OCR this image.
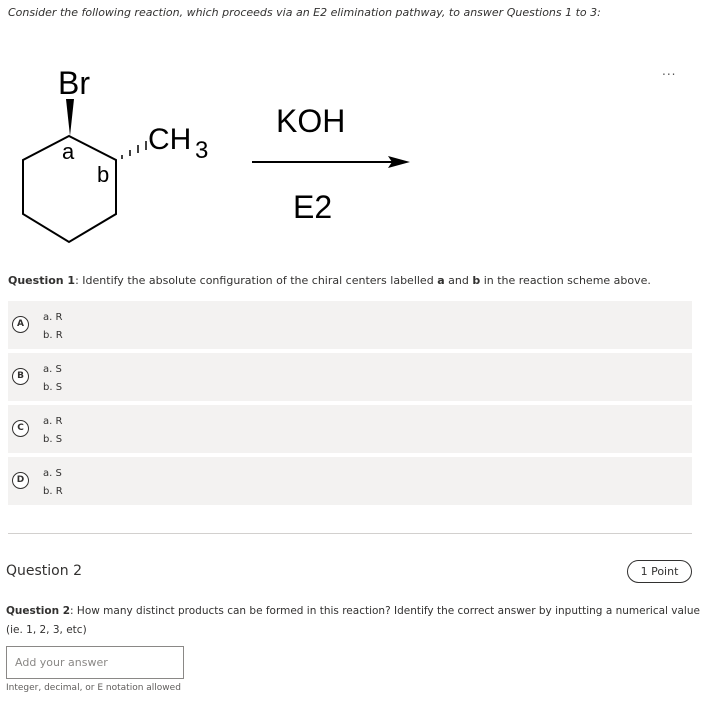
Consider the following reaction, which proceeds via an E2 elimination pathway, to answer Questions 1 to 3:
...
Br
a
b
CH 3
KOH
E2
Question 1: Identify the absolute configuration of the chiral centers labelled a and b in the reaction scheme above.
A
a. R
b. R
B
a. S
b. S
C
a. R
b. S
D
a. S
b. R
Question 2	1 Point
Question 2: How many distinct products can be formed in this reaction? Identify the correct answer by inputting a numerical value (ie. 1, 2, 3, etc)
Add your answer
Integer, decimal, or E notation allowed
